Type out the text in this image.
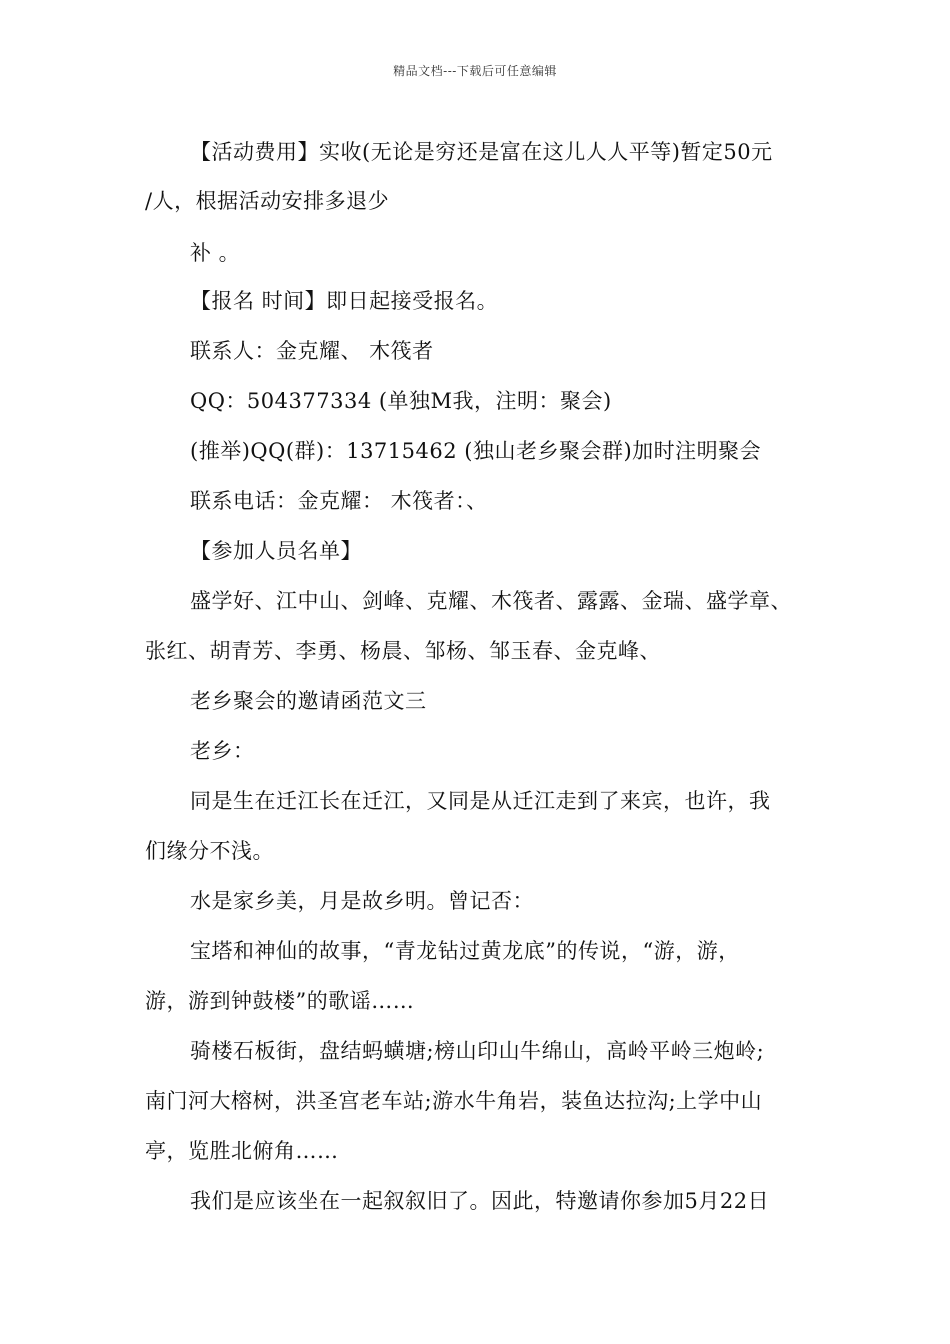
精品文档---下载后可任意编辑
【活动费用】实收(无论是穷还是富在这儿人人平等)暂定50元
/人，根据活动安排多退少
补 。
【报名 时间】即日起接受报名。
联系人：金克耀、 木筏者
QQ：504377334 (单独M我，注明：聚会)
(推举)QQ(群)：13715462 (独山老乡聚会群)加时注明聚会
联系电话：金克耀： 木筏者：、
【参加人员名单】
盛学好、江中山、剑峰、克耀、木筏者、露露、金瑞、盛学章、
张红、胡青芳、李勇、杨晨、邹杨、邹玉春、金克峰、
老乡聚会的邀请函范文三
老乡：
同是生在迁江长在迁江，又同是从迁江走到了来宾，也许，我
们缘分不浅。
水是家乡美，月是故乡明。曾记否：
宝塔和神仙的故事，“青龙钻过黄龙底”的传说，“游，游，
游，游到钟鼓楼”的歌谣……
骑楼石板街，盘结蚂蟥塘;榜山印山牛绵山，高岭平岭三炮岭;
南门河大榕树，洪圣宫老车站;游水牛角岩，装鱼达拉沟;上学中山
亭，览胜北俯角……
我们是应该坐在一起叙叙旧了。因此，特邀请你参加5月22日
